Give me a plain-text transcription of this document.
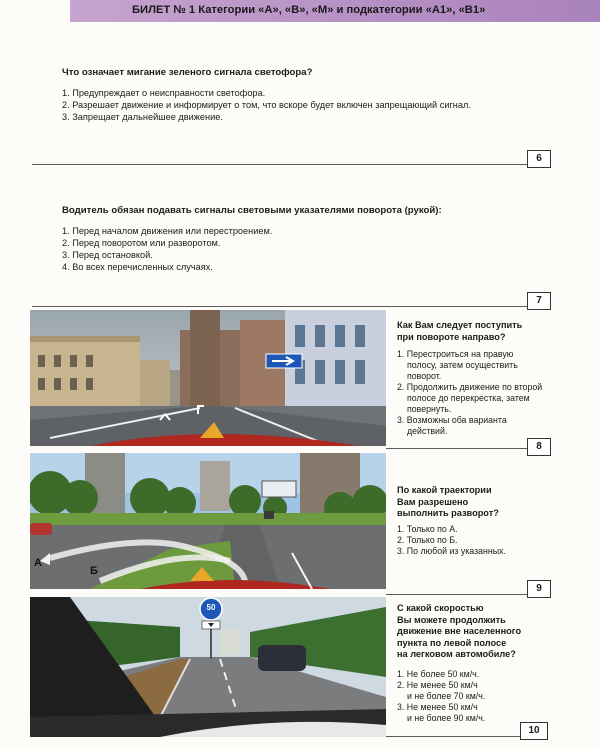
БИЛЕТ № 1 Категории «А», «В», «М» и подкатегории «А1», «В1»
Что означает мигание зеленого сигнала светофора?
1. Предупреждает о неисправности светофора.
2. Разрешает движение и информирует о том, что вскоре будет включен запрещающий сигнал.
3. Запрещает дальнейшее движение.
6
Водитель обязан подавать сигналы световыми указателями поворота (рукой):
1. Перед началом движения или перестроением.
2. Перед поворотом или разворотом.
3. Перед остановкой.
4. Во всех перечисленных случаях.
7
Как Вам следует поступить
при повороте направо?
1. Перестроиться на правую
полосу, затем осуществить
поворот.
2. Продолжить движение по второй
полосе до перекрестка, затем
повернуть.
3. Возможны оба варианта
действий.
8
А
Б
По какой траектории
Вам разрешено
выполнить разворот?
1. Только по А.
2. Только по Б.
3. По любой из указанных.
9
50	С какой скоростью
Вы можете продолжить
движение вне населенного
пункта по левой полосе
на легковом автомобиле?
1. Не более 50 км/ч.
2. Не менее 50 км/ч
и не более 70 км/ч.
3. Не менее 50 км/ч
и не более 90 км/ч.
10
